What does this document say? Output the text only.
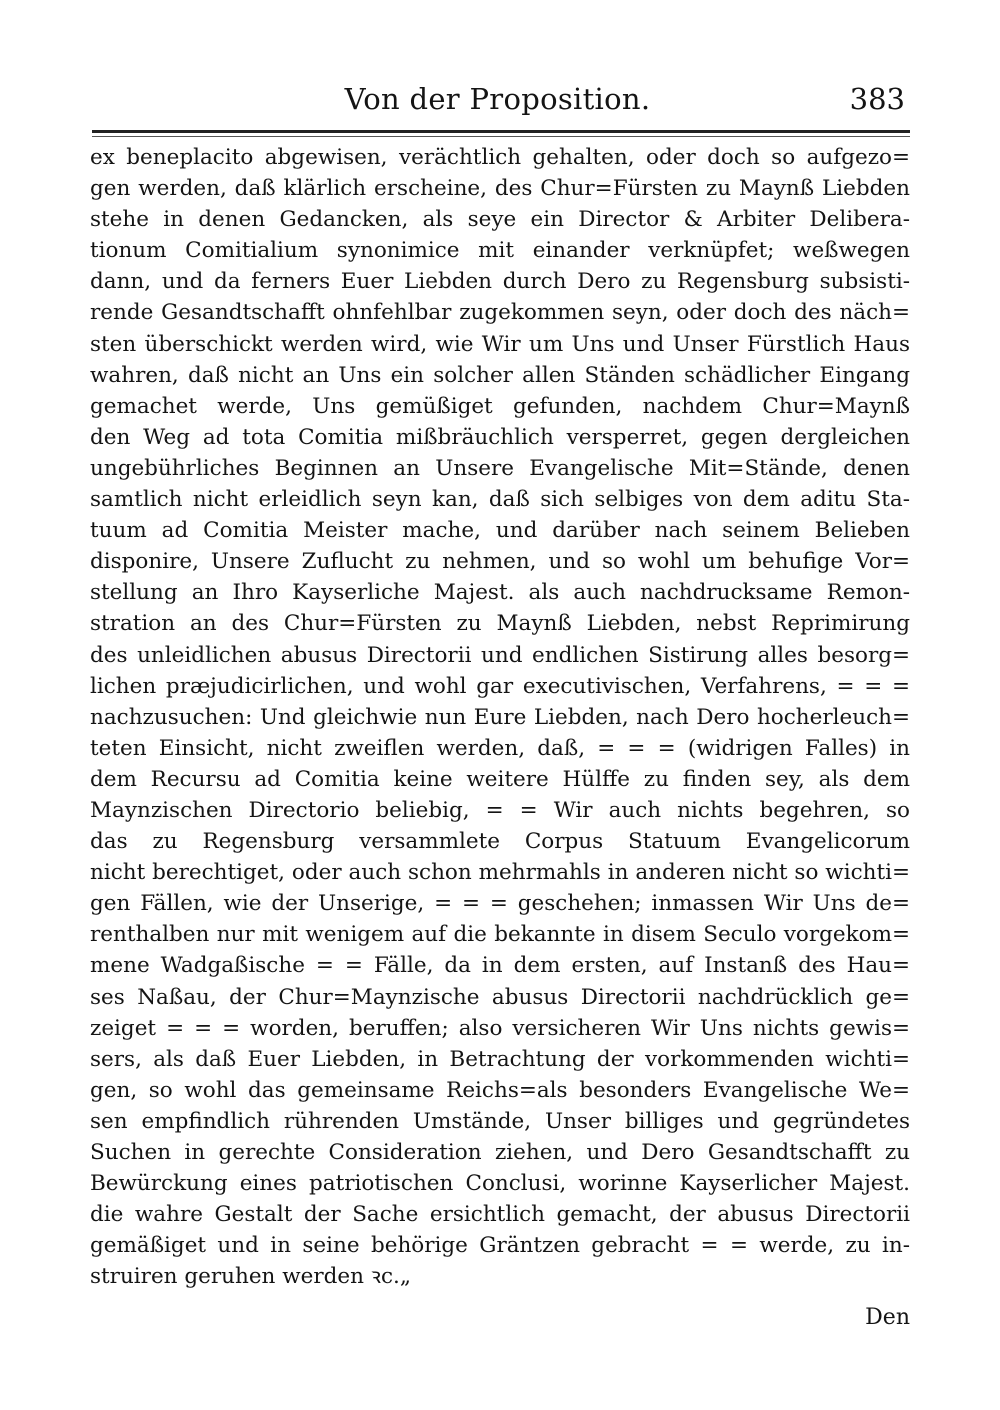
Von der Proposition.	383
ex beneplacito abgewisen, verächtlich gehalten, oder doch so aufgezo=
gen werden, daß klärlich erscheine, des Chur=Fürsten zu Maynß Liebden
stehe in denen Gedancken, als seye ein Director & Arbiter Delibera-
tionum Comitialium synonimice mit einander verknüpfet; weßwegen
dann, und da ferners Euer Liebden durch Dero zu Regensburg subsisti-
rende Gesandtschafft ohnfehlbar zugekommen seyn, oder doch des näch=
sten überschickt werden wird, wie Wir um Uns und Unser Fürstlich Haus
wahren, daß nicht an Uns ein solcher allen Ständen schädlicher Eingang
gemachet werde, Uns gemüßiget gefunden, nachdem Chur=Maynß
den Weg ad tota Comitia mißbräuchlich versperret, gegen dergleichen
ungebührliches Beginnen an Unsere Evangelische Mit=Stände, denen
samtlich nicht erleidlich seyn kan, daß sich selbiges von dem aditu Sta-
tuum ad Comitia Meister mache, und darüber nach seinem Belieben
disponire, Unsere Zuflucht zu nehmen, und so wohl um behufige Vor=
stellung an Ihro Kayserliche Majest. als auch nachdrucksame Remon-
stration an des Chur=Fürsten zu Maynß Liebden, nebst Reprimirung
des unleidlichen abusus Directorii und endlichen Sistirung alles besorg=
lichen præjudicirlichen, und wohl gar executivischen, Verfahrens, = = =
nachzusuchen: Und gleichwie nun Eure Liebden, nach Dero hocherleuch=
teten Einsicht, nicht zweiflen werden, daß, = = = (widrigen Falles) in
dem Recursu ad Comitia keine weitere Hülffe zu finden sey, als dem
Maynzischen Directorio beliebig, = = Wir auch nichts begehren, so
das zu Regensburg versammlete Corpus Statuum Evangelicorum
nicht berechtiget, oder auch schon mehrmahls in anderen nicht so wichti=
gen Fällen, wie der Unserige, = = = geschehen; inmassen Wir Uns de=
renthalben nur mit wenigem auf die bekannte in disem Seculo vorgekom=
mene Wadgaßische = = Fälle, da in dem ersten, auf Instanß des Hau=
ses Naßau, der Chur=Maynzische abusus Directorii nachdrücklich ge=
zeiget = = = worden, beruffen; also versicheren Wir Uns nichts gewis=
sers, als daß Euer Liebden, in Betrachtung der vorkommenden wichti=
gen, so wohl das gemeinsame Reichs=als besonders Evangelische We=
sen empfindlich rührenden Umstände, Unser billiges und gegründetes
Suchen in gerechte Consideration ziehen, und Dero Gesandtschafft zu
Bewürckung eines patriotischen Conclusi, worinne Kayserlicher Majest.
die wahre Gestalt der Sache ersichtlich gemacht, der abusus Directorii
gemäßiget und in seine behörige Gräntzen gebracht = = werde, zu in-
struiren geruhen werden ꝛc.„
Den
